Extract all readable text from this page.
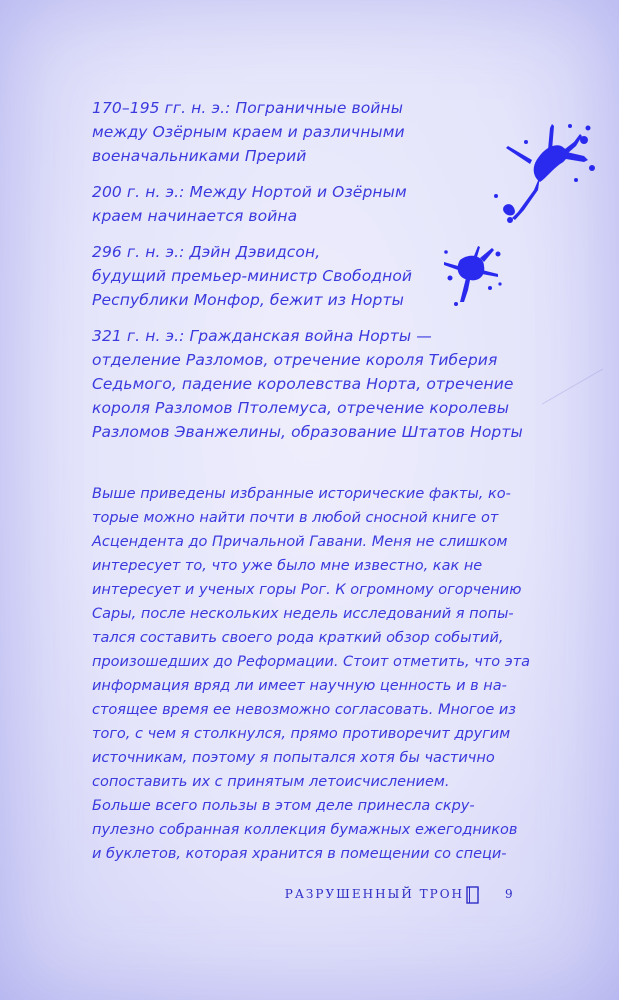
170–195 гг. н. э.: Пограничные войны
между Озёрным краем и различными
военачальниками Прерий
200 г. н. э.: Между Нортой и Озёрным
краем начинается война
296 г. н. э.: Дэйн Дэвидсон,
будущий премьер-министр Свободной
Республики Монфор, бежит из Норты
321 г. н. э.: Гражданская война Норты —
отделение Разломов, отречение короля Тиберия
Седьмого, падение королевства Норта, отречение
короля Разломов Птолемуса, отречение королевы
Разломов Эванжелины, образование Штатов Норты
Выше приведены избранные исторические факты, ко-
торые можно найти почти в любой сносной книге от
Асцендента до Причальной Гавани. Меня не слишком
интересует то, что уже было мне известно, как не
интересует и ученых горы Рог. К огромному огорчению
Сары, после нескольких недель исследований я попы-
тался составить своего рода краткий обзор событий,
произошедших до Реформации. Стоит отметить, что эта
информация вряд ли имеет научную ценность и в на-
стоящее время ее невозможно согласовать. Многое из
того, с чем я столкнулся, прямо противоречит другим
источникам, поэтому я попытался хотя бы частично
сопоставить их с принятым летоисчислением.
Больше всего пользы в этом деле принесла скру-
пулезно собранная коллекция бумажных ежегодников
и буклетов, которая хранится в помещении со специ-
РАЗРУШЕННЫЙ ТРОН	9
